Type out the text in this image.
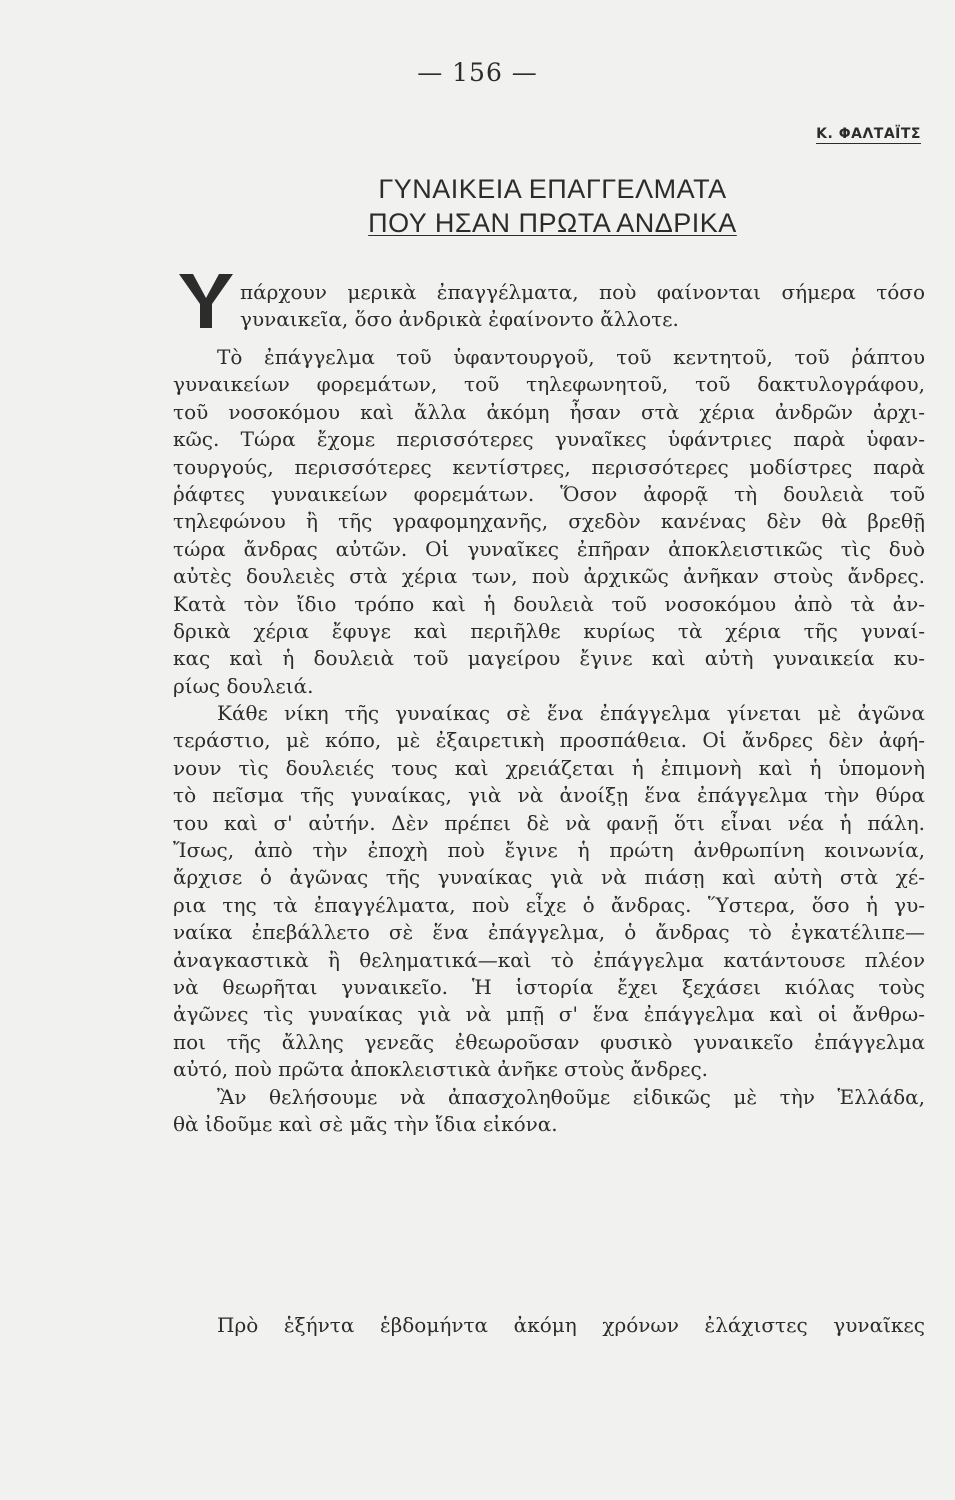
— 156 —
Κ. ΦΑΛΤΑΪΤΣ
ΓΥΝΑΙΚΕΙΑ ΕΠΑΓΓΕΛΜΑΤΑ
ΠΟΥ ΗΣΑΝ ΠΡΩΤΑ ΑΝΔΡΙΚΑ
πάρχουν μερικὰ ἐπαγγέλματα, ποὺ φαίνονται σήμερα τόσο
γυναικεῖα, ὅσο ἀνδρικὰ ἐφαίνοντο ἄλλοτε.
Τὸ ἐπάγγελμα τοῦ ὑφαντουργοῦ, τοῦ κεντητοῦ, τοῦ ῥάπτου
γυναικείων φορεμάτων, τοῦ τηλεφωνητοῦ, τοῦ δακτυλογράφου,
τοῦ νοσοκόμου καὶ ἄλλα ἀκόμη ἦσαν στὰ χέρια ἀνδρῶν ἀρχι-
κῶς. Τώρα ἔχομε περισσότερες γυναῖκες ὑφάντριες παρὰ ὑφαν-
τουργούς, περισσότερες κεντίστρες, περισσότερες μοδίστρες παρὰ
ῥάφτες γυναικείων φορεμάτων. Ὅσον ἀφορᾷ τὴ δουλειὰ τοῦ
τηλεφώνου ἢ τῆς γραφομηχανῆς, σχεδὸν κανένας δὲν θὰ βρεθῇ
τώρα ἄνδρας αὐτῶν. Οἱ γυναῖκες ἐπῆραν ἀποκλειστικῶς τὶς δυὸ
αὐτὲς δουλειὲς στὰ χέρια των, ποὺ ἀρχικῶς ἀνῆκαν στοὺς ἄνδρες.
Κατὰ τὸν ἴδιο τρόπο καὶ ἡ δουλειὰ τοῦ νοσοκόμου ἀπὸ τὰ ἀν-
δρικὰ χέρια ἔφυγε καὶ περιῆλθε κυρίως τὰ χέρια τῆς γυναί-
κας καὶ ἡ δουλειὰ τοῦ μαγείρου ἔγινε καὶ αὐτὴ γυναικεία κυ-
ρίως δουλειά.
Κάθε νίκη τῆς γυναίκας σὲ ἕνα ἐπάγγελμα γίνεται μὲ ἀγῶνα
τεράστιο, μὲ κόπο, μὲ ἐξαιρετικὴ προσπάθεια. Οἱ ἄνδρες δὲν ἀφή-
νουν τὶς δουλειές τους καὶ χρειάζεται ἡ ἐπιμονὴ καὶ ἡ ὑπομονὴ
τὸ πεῖσμα τῆς γυναίκας, γιὰ νὰ ἀνοίξῃ ἕνα ἐπάγγελμα τὴν θύρα
του καὶ σ' αὐτήν. Δὲν πρέπει δὲ νὰ φανῇ ὅτι εἶναι νέα ἡ πάλη.
Ἴσως, ἀπὸ τὴν ἐποχὴ ποὺ ἔγινε ἡ πρώτη ἀνθρωπίνη κοινωνία,
ἄρχισε ὁ ἀγῶνας τῆς γυναίκας γιὰ νὰ πιάσῃ καὶ αὐτὴ στὰ χέ-
ρια της τὰ ἐπαγγέλματα, ποὺ εἶχε ὁ ἄνδρας. Ὕστερα, ὅσο ἡ γυ-
ναίκα ἐπεβάλλετο σὲ ἕνα ἐπάγγελμα, ὁ ἄνδρας τὸ ἐγκατέλιπε—
ἀναγκαστικὰ ἢ θεληματικά—καὶ τὸ ἐπάγγελμα κατάντουσε πλέον
νὰ θεωρῆται γυναικεῖο. Ἡ ἱστορία ἔχει ξεχάσει κιόλας τοὺς
ἀγῶνες τὶς γυναίκας γιὰ νὰ μπῇ σ' ἕνα ἐπάγγελμα καὶ οἱ ἄνθρω-
ποι τῆς ἄλλης γενεᾶς ἐθεωροῦσαν φυσικὸ γυναικεῖο ἐπάγγελμα
αὐτό, ποὺ πρῶτα ἀποκλειστικὰ ἀνῆκε στοὺς ἄνδρες.
Ἂν θελήσουμε νὰ ἀπασχοληθοῦμε εἰδικῶς μὲ τὴν Ἑλλάδα,
θὰ ἰδοῦμε καὶ σὲ μᾶς τὴν ἴδια εἰκόνα.
Πρὸ ἑξήντα ἑβδομήντα ἀκόμη χρόνων ἐλάχιστες γυναῖκες
